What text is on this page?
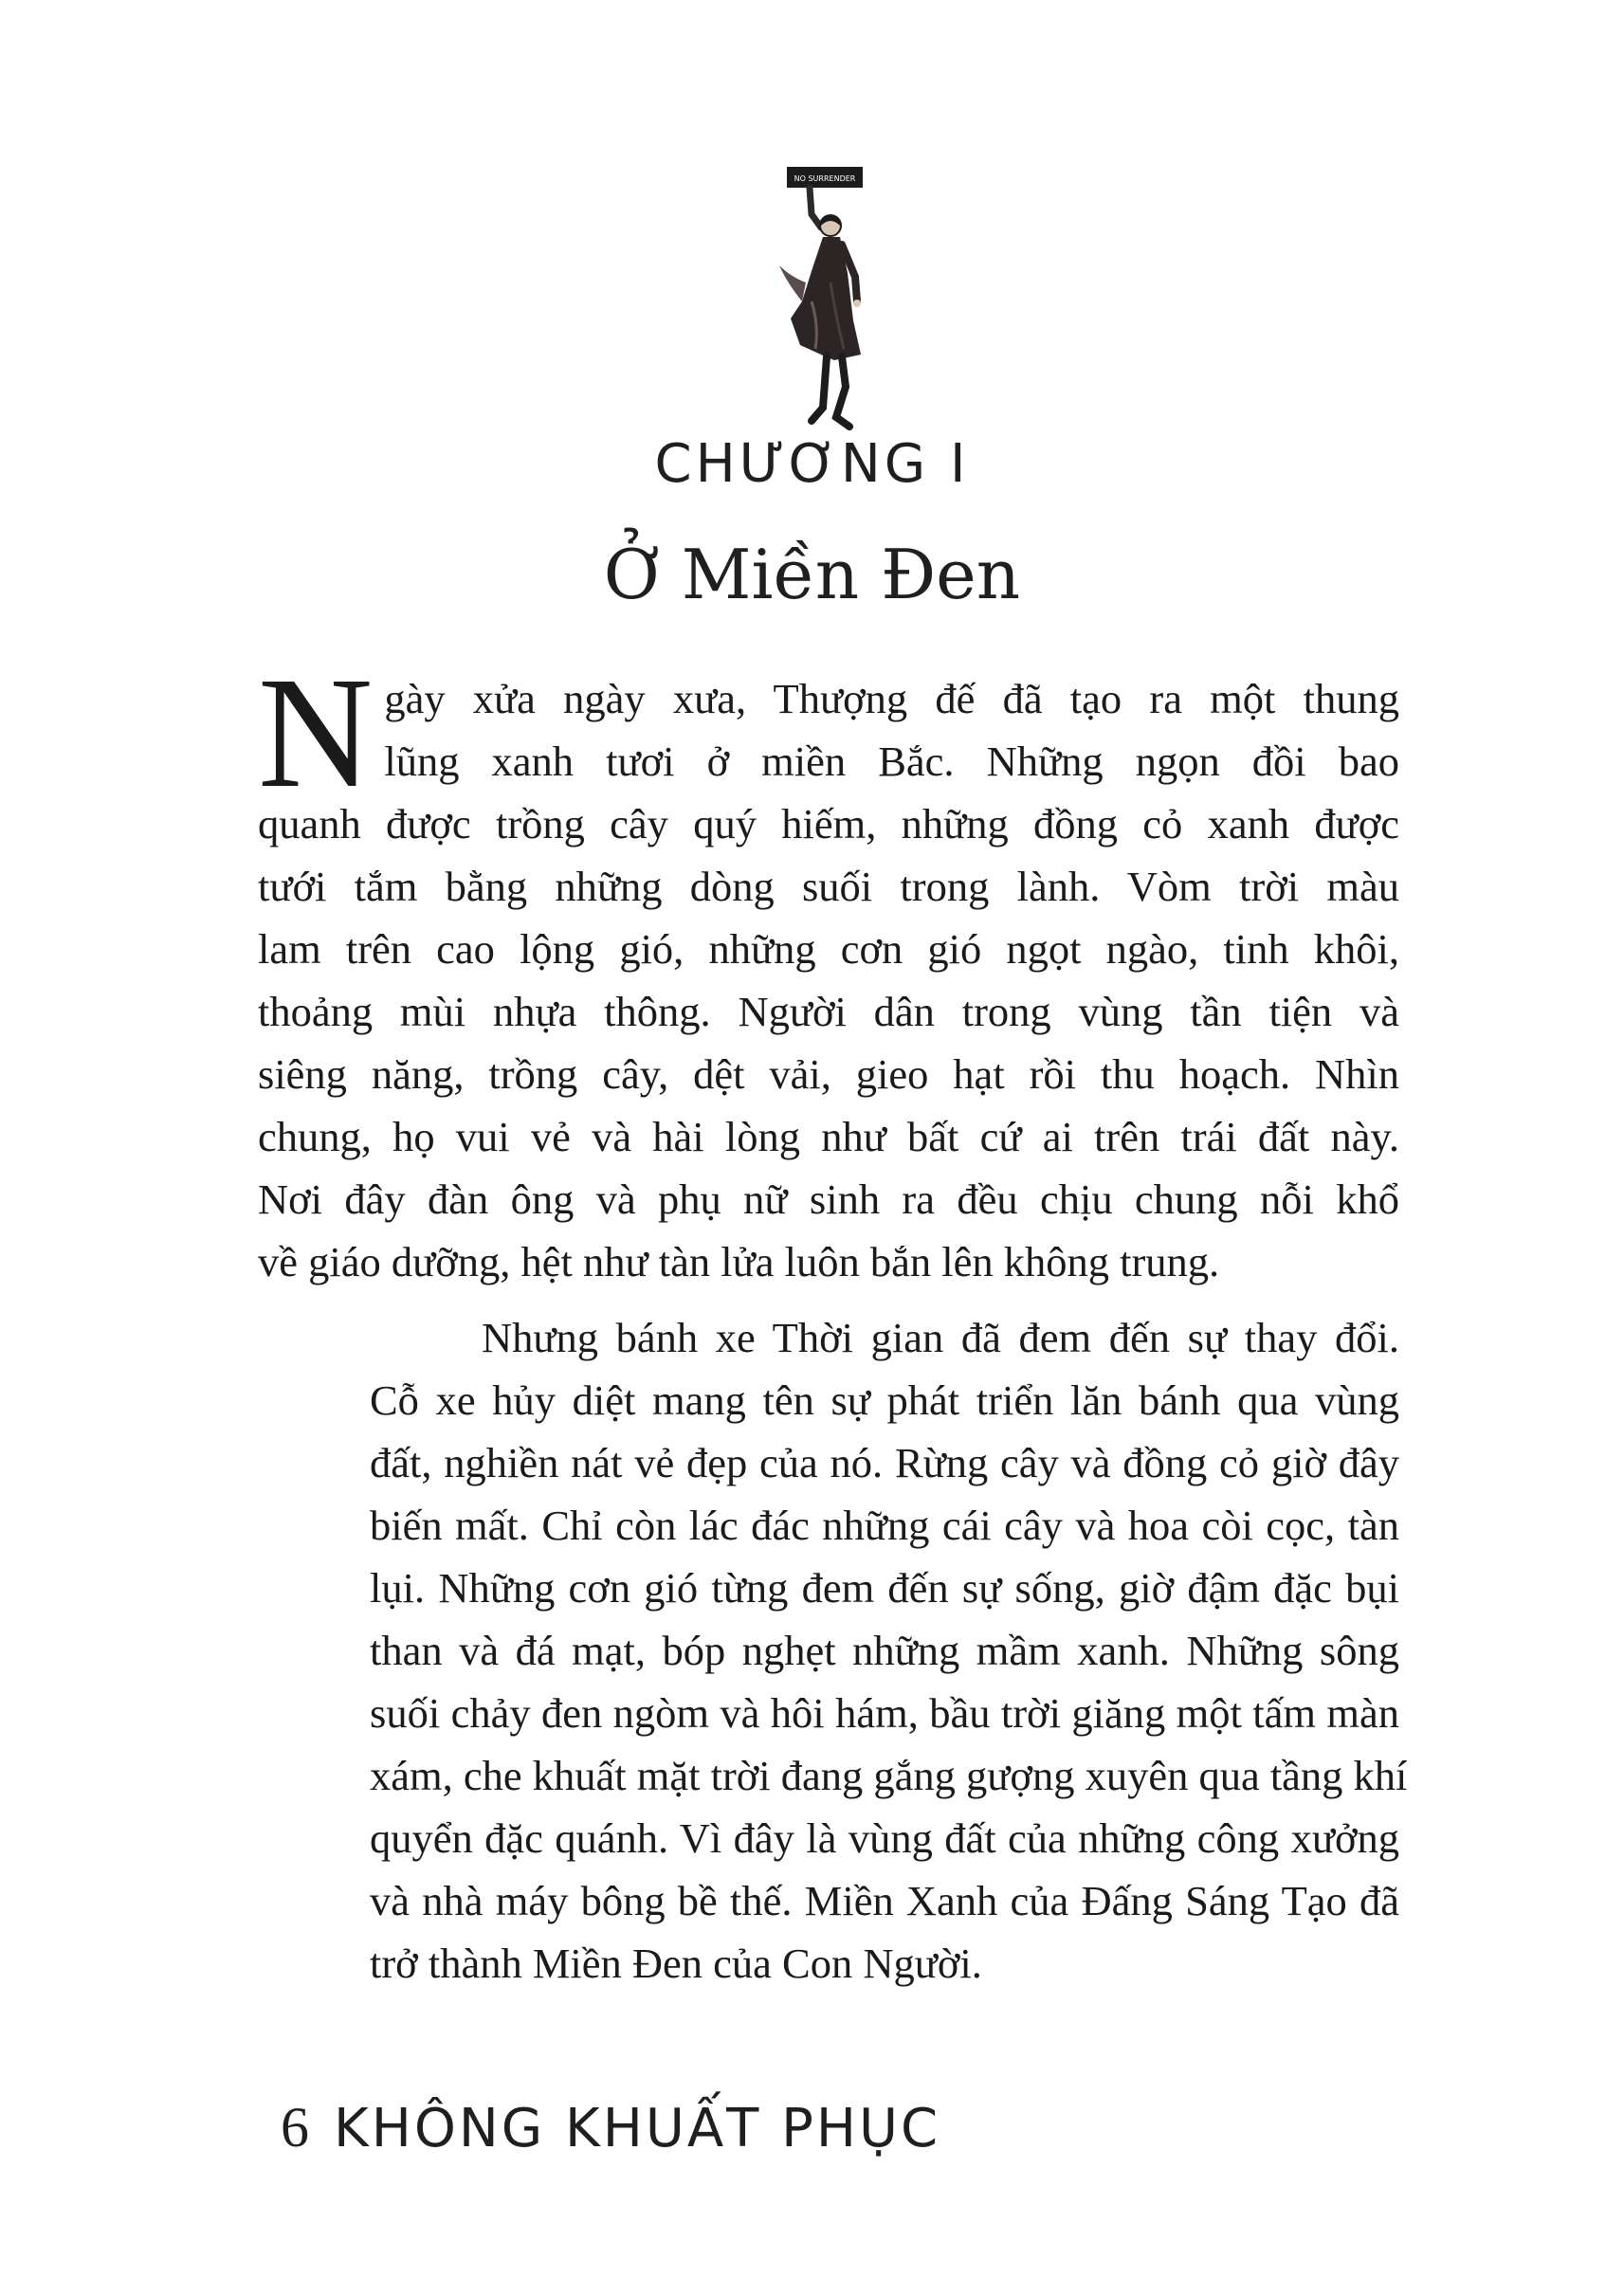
NO SURRENDER
CHƯƠNG I
Ở Miền Đen
N gày xửa ngày xưa, Thượng đế đã tạo ra một thung
lũng xanh tươi ở miền Bắc. Những ngọn đồi bao
quanh được trồng cây quý hiếm, những đồng cỏ xanh được
tưới tắm bằng những dòng suối trong lành. Vòm trời màu
lam trên cao lộng gió, những cơn gió ngọt ngào, tinh khôi,
thoảng mùi nhựa thông. Người dân trong vùng tần tiện và
siêng năng, trồng cây, dệt vải, gieo hạt rồi thu hoạch. Nhìn
chung, họ vui vẻ và hài lòng như bất cứ ai trên trái đất này.
Nơi đây đàn ông và phụ nữ sinh ra đều chịu chung nỗi khổ
về giáo dưỡng, hệt như tàn lửa luôn bắn lên không trung.
Nhưng bánh xe Thời gian đã đem đến sự thay đổi.
Cỗ xe hủy diệt mang tên sự phát triển lăn bánh qua vùng
đất, nghiền nát vẻ đẹp của nó. Rừng cây và đồng cỏ giờ đây
biến mất. Chỉ còn lác đác những cái cây và hoa còi cọc, tàn
lụi. Những cơn gió từng đem đến sự sống, giờ đậm đặc bụi
than và đá mạt, bóp nghẹt những mầm xanh. Những sông
suối chảy đen ngòm và hôi hám, bầu trời giăng một tấm màn
xám, che khuất mặt trời đang gắng gượng xuyên qua tầng khí
quyển đặc quánh. Vì đây là vùng đất của những công xưởng
và nhà máy bông bề thế. Miền Xanh của Đấng Sáng Tạo đã
trở thành Miền Đen của Con Người.
6 KHÔNG KHUẤT PHỤC
